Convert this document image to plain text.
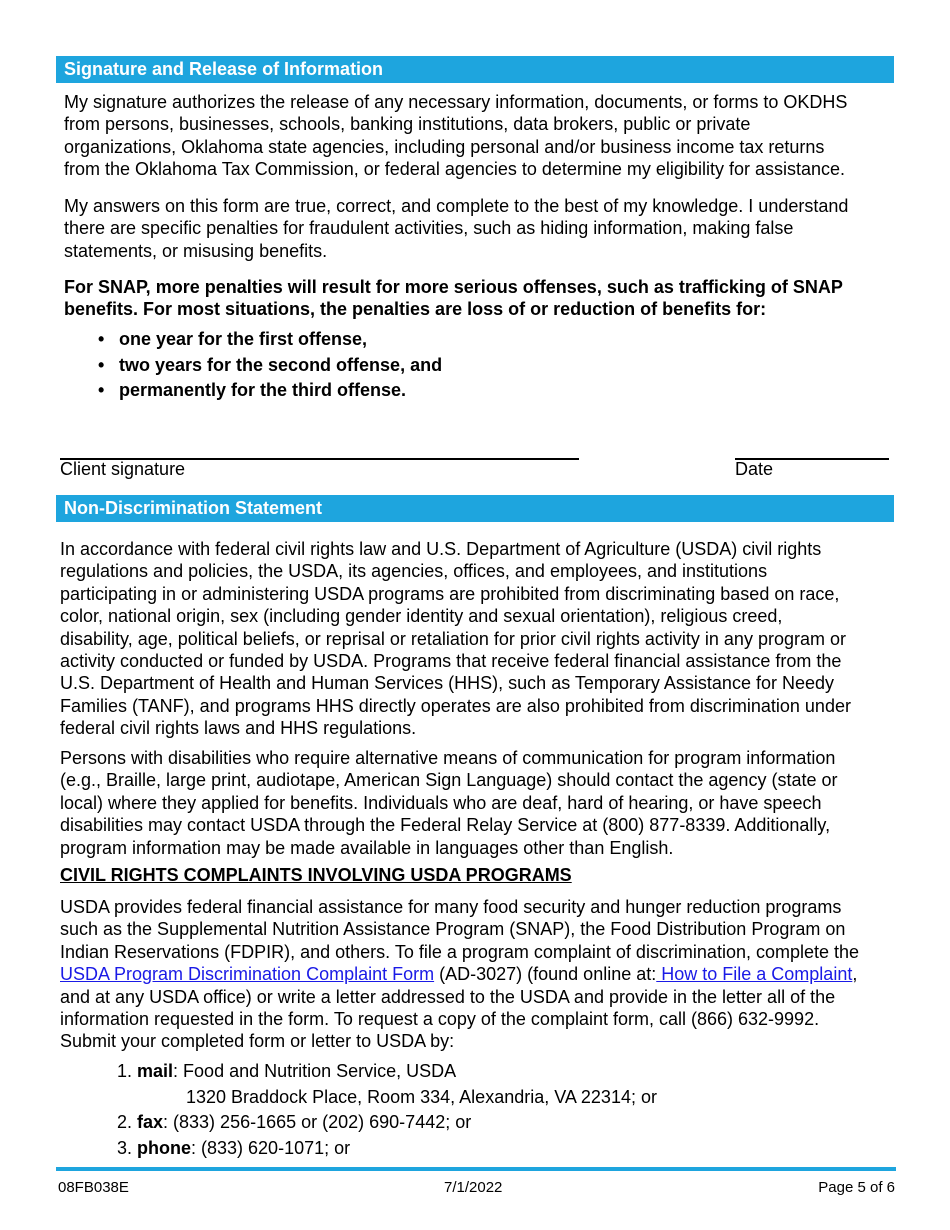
Signature and Release of Information

My signature authorizes the release of any necessary information, documents, or forms to OKDHS

from persons, businesses, schools, banking institutions, data brokers, public or private

organizations, Oklahoma state agencies, including personal and/or business income tax returns

from the Oklahoma Tax Commission, or federal agencies to determine my eligibility for assistance.

My answers on this form are true, correct, and complete to the best of my knowledge. I understand

there are specific penalties for fraudulent activities, such as hiding information, making false

statements, or misusing benefits.

For SNAP, more penalties will result for more serious offenses, such as trafficking of SNAP

benefits. For most situations, the penalties are loss of or reduction of benefits for:

• one year for the first offense,
• two years for the second offense, and
• permanently for the third offense.
Client signature	Date
Non-Discrimination Statement

In accordance with federal civil rights law and U.S. Department of Agriculture (USDA) civil rights

regulations and policies, the USDA, its agencies, offices, and employees, and institutions

participating in or administering USDA programs are prohibited from discriminating based on race,

color, national origin, sex (including gender identity and sexual orientation), religious creed,

disability, age, political beliefs, or reprisal or retaliation for prior civil rights activity in any program or

activity conducted or funded by USDA. Programs that receive federal financial assistance from the

U.S. Department of Health and Human Services (HHS), such as Temporary Assistance for Needy

Families (TANF), and programs HHS directly operates are also prohibited from discrimination under

federal civil rights laws and HHS regulations.

Persons with disabilities who require alternative means of communication for program information

(e.g., Braille, large print, audiotape, American Sign Language) should contact the agency (state or

local) where they applied for benefits. Individuals who are deaf, hard of hearing, or have speech

disabilities may contact USDA through the Federal Relay Service at (800) 877-8339. Additionally,

program information may be made available in languages other than English.

CIVIL RIGHTS COMPLAINTS INVOLVING USDA PROGRAMS

USDA provides federal financial assistance for many food security and hunger reduction programs

such as the Supplemental Nutrition Assistance Program (SNAP), the Food Distribution Program on

Indian Reservations (FDPIR), and others. To file a program complaint of discrimination, complete the

USDA Program Discrimination Complaint Form (AD-3027) (found online at: How to File a Complaint,

and at any USDA office) or write a letter addressed to the USDA and provide in the letter all of the

information requested in the form. To request a copy of the complaint form, call (866) 632-9992.

Submit your completed form or letter to USDA by:

1. mail: Food and Nutrition Service, USDA

1320 Braddock Place, Room 334, Alexandria, VA 22314; or

2. fax: (833) 256-1665 or (202) 690-7442; or

3. phone: (833) 620-1071; or

08FB038E	7/1/2022	Page 5 of 6
